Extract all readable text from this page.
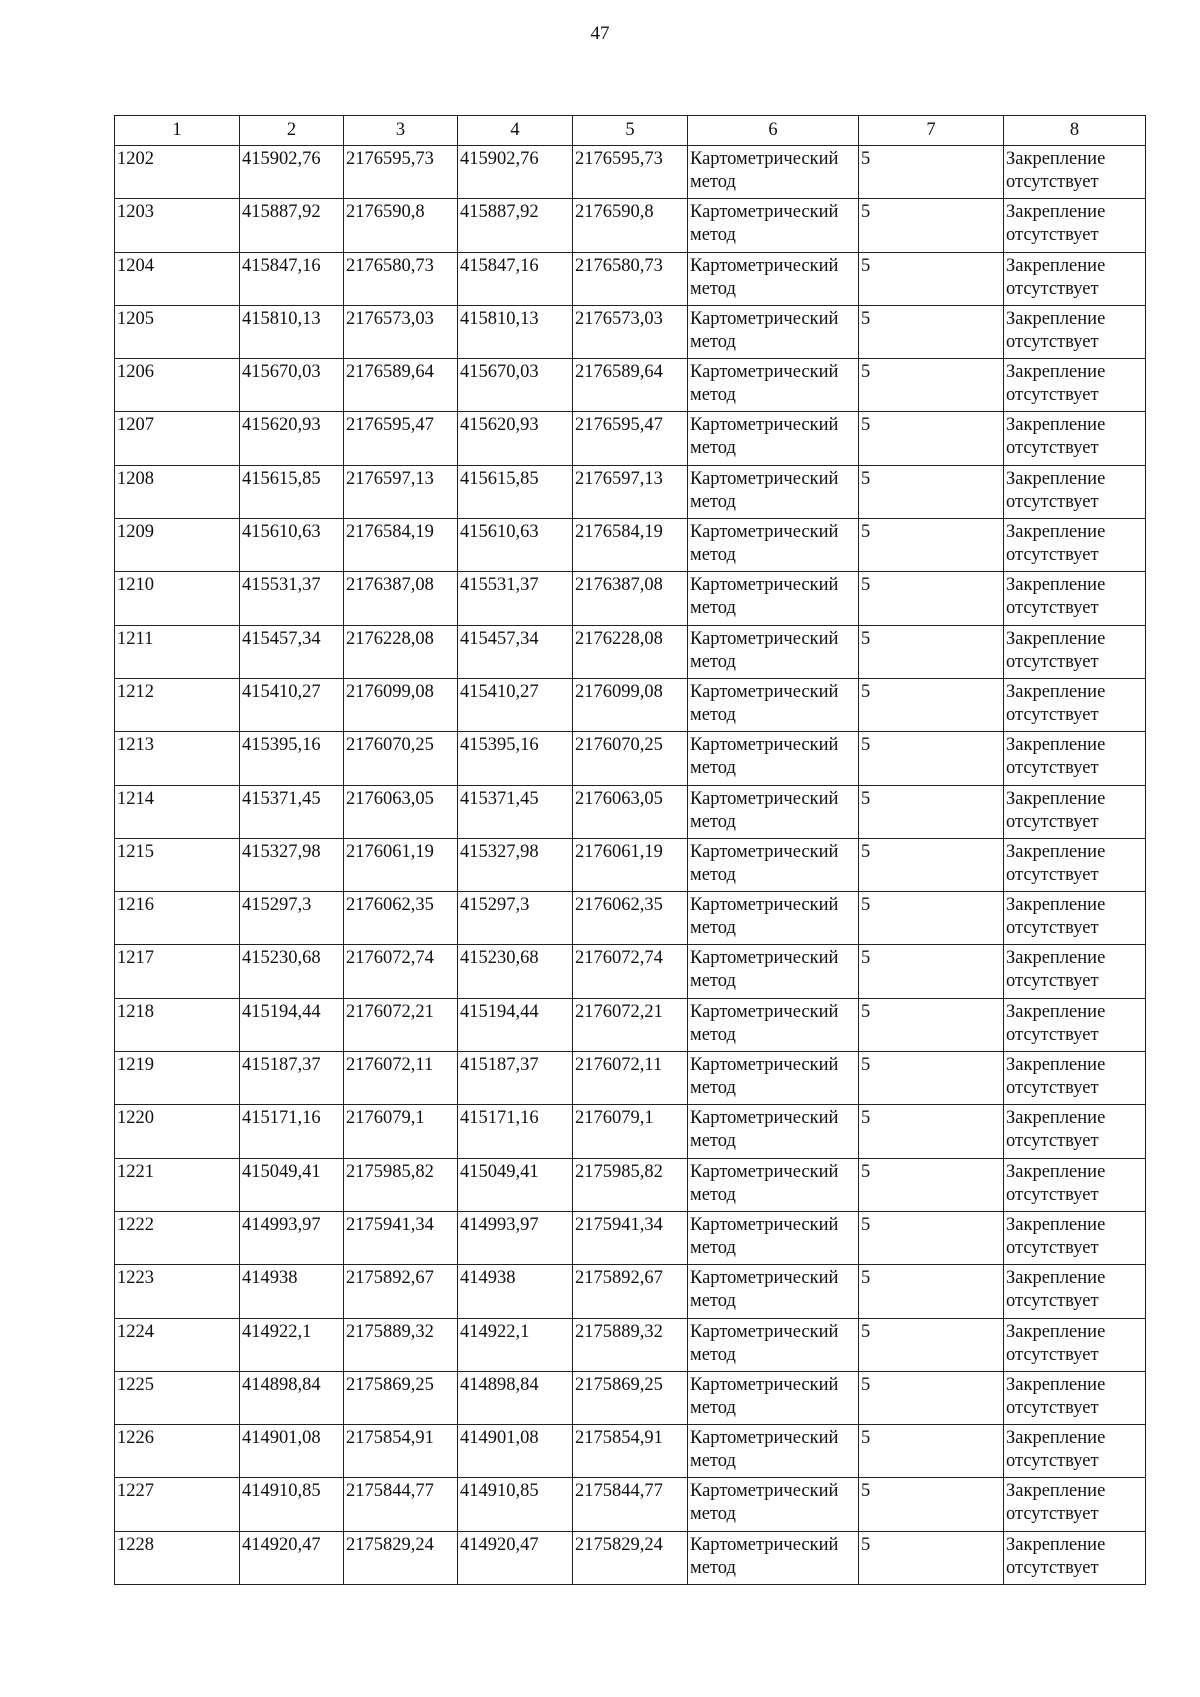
47
1	2	3	4	5	6	7	8
1202	415902,76	2176595,73	415902,76	2176595,73	Картометрический метод	5	Закрепление отсутствует
1203	415887,92	2176590,8	415887,92	2176590,8	Картометрический метод	5	Закрепление отсутствует
1204	415847,16	2176580,73	415847,16	2176580,73	Картометрический метод	5	Закрепление отсутствует
1205	415810,13	2176573,03	415810,13	2176573,03	Картометрический метод	5	Закрепление отсутствует
1206	415670,03	2176589,64	415670,03	2176589,64	Картометрический метод	5	Закрепление отсутствует
1207	415620,93	2176595,47	415620,93	2176595,47	Картометрический метод	5	Закрепление отсутствует
1208	415615,85	2176597,13	415615,85	2176597,13	Картометрический метод	5	Закрепление отсутствует
1209	415610,63	2176584,19	415610,63	2176584,19	Картометрический метод	5	Закрепление отсутствует
1210	415531,37	2176387,08	415531,37	2176387,08	Картометрический метод	5	Закрепление отсутствует
1211	415457,34	2176228,08	415457,34	2176228,08	Картометрический метод	5	Закрепление отсутствует
1212	415410,27	2176099,08	415410,27	2176099,08	Картометрический метод	5	Закрепление отсутствует
1213	415395,16	2176070,25	415395,16	2176070,25	Картометрический метод	5	Закрепление отсутствует
1214	415371,45	2176063,05	415371,45	2176063,05	Картометрический метод	5	Закрепление отсутствует
1215	415327,98	2176061,19	415327,98	2176061,19	Картометрический метод	5	Закрепление отсутствует
1216	415297,3	2176062,35	415297,3	2176062,35	Картометрический метод	5	Закрепление отсутствует
1217	415230,68	2176072,74	415230,68	2176072,74	Картометрический метод	5	Закрепление отсутствует
1218	415194,44	2176072,21	415194,44	2176072,21	Картометрический метод	5	Закрепление отсутствует
1219	415187,37	2176072,11	415187,37	2176072,11	Картометрический метод	5	Закрепление отсутствует
1220	415171,16	2176079,1	415171,16	2176079,1	Картометрический метод	5	Закрепление отсутствует
1221	415049,41	2175985,82	415049,41	2175985,82	Картометрический метод	5	Закрепление отсутствует
1222	414993,97	2175941,34	414993,97	2175941,34	Картометрический метод	5	Закрепление отсутствует
1223	414938	2175892,67	414938	2175892,67	Картометрический метод	5	Закрепление отсутствует
1224	414922,1	2175889,32	414922,1	2175889,32	Картометрический метод	5	Закрепление отсутствует
1225	414898,84	2175869,25	414898,84	2175869,25	Картометрический метод	5	Закрепление отсутствует
1226	414901,08	2175854,91	414901,08	2175854,91	Картометрический метод	5	Закрепление отсутствует
1227	414910,85	2175844,77	414910,85	2175844,77	Картометрический метод	5	Закрепление отсутствует
1228	414920,47	2175829,24	414920,47	2175829,24	Картометрический метод	5	Закрепление отсутствует
